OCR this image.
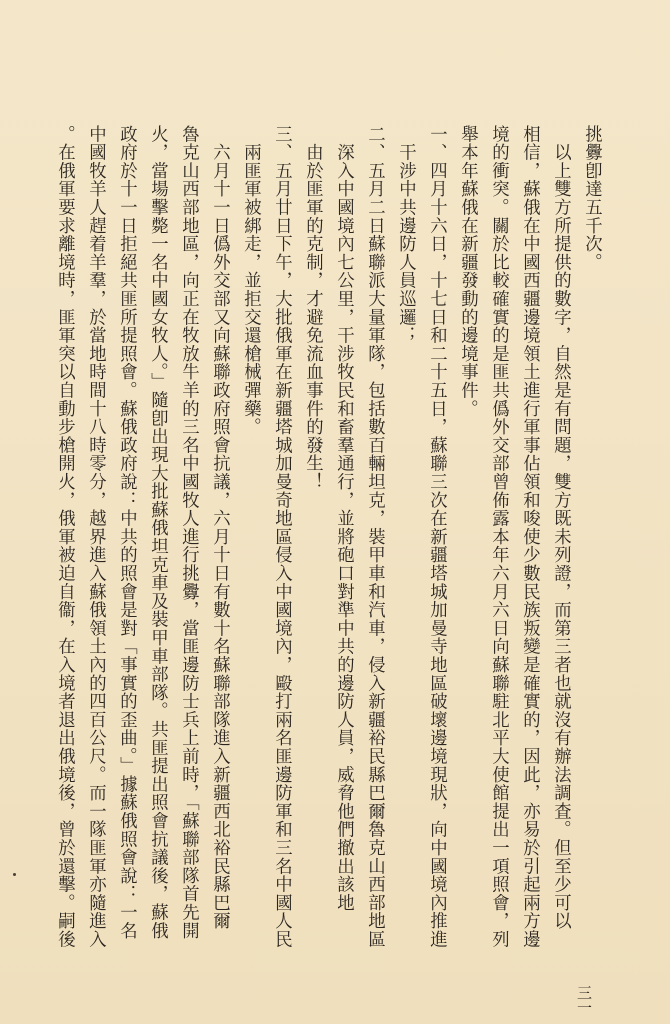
挑釁卽達五千次。
　以上雙方所提供的數字，自然是有問題，雙方既未列證，而第三者也就沒有辦法調査。但至少可以
相信，蘇俄在中國西疆邊境領土進行軍事佔領和唆使少數民族叛變是確實的，因此，亦易於引起兩方邊
境的衝突。關於比較確實的是匪共僞外交部曾佈露本年六月六日向蘇聯駐北平大使館提出一項照會，列
舉本年蘇俄在新疆發動的邊境事件。
一、四月十六日，十七日和二十五日，蘇聯三次在新疆塔城加曼寺地區破壞邊境現狀，向中國境內推進
　干涉中共邊防人員巡邏；
二、五月二日蘇聯派大量軍隊，包括數百輛坦克，裝甲車和汽車，侵入新疆裕民縣巴爾魯克山西部地區
　深入中國境內七公里，干涉牧民和畜羣通行，並將砲口對準中共的邊防人員，威脅他們撤出該地
　由於匪軍的克制，才避免流血事件的發生！
三、五月廿日下午，大批俄軍在新疆塔城加曼奇地區侵入中國境內，毆打兩名匪邊防軍和三名中國人民
　兩匪軍被綁走，並拒交還槍械彈藥。
　六月十一日僞外交部又向蘇聯政府照會抗議，六月十日有數十名蘇聯部隊進入新疆西北裕民縣巴爾
魯克山西部地區，向正在牧放牛羊的三名中國牧人進行挑釁，當匪邊防士兵上前時，「蘇聯部隊首先開
火，當場擊斃一名中國女牧人。」隨卽出現大批蘇俄坦克車及裝甲車部隊。共匪提出照會抗議後，蘇俄
政府於十一日拒絕共匪所提照會。蘇俄政府說：中共的照會是對「事實的歪曲。」據蘇俄照會說：一名
中國牧羊人趕着羊羣，於當地時間十八時零分，越界進入蘇俄領土內的四百公尺。而一隊匪軍亦隨進入
。在俄軍要求離境時，匪軍突以自動步槍開火，俄軍被迫自衞，在入境者退出俄境後，曾於還擊。嗣後
三一
